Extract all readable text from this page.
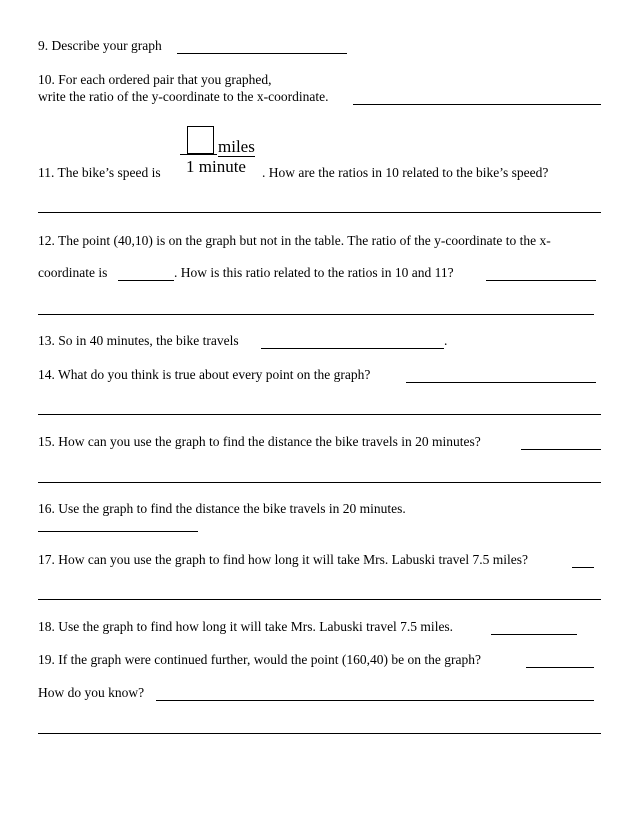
9. Describe your graph
10. For each ordered pair that you graphed,
write the ratio of the y-coordinate to the x-coordinate.
miles
1 minute
11. The bike’s speed is	. How are the ratios in 10 related to the bike’s speed?
12. The point (40,10) is on the graph but not in the table. The ratio of the y-coordinate to the x-
coordinate is	. How is this ratio related to the ratios in 10 and 11?
13. So in 40 minutes, the bike travels	.
14. What do you think is true about every point on the graph?
15. How can you use the graph to find the distance the bike travels in 20 minutes?
16. Use the graph to find the distance the bike travels in 20 minutes.
17. How can you use the graph to find how long it will take Mrs. Labuski travel 7.5 miles?
18. Use the graph to find how long it will take Mrs. Labuski travel 7.5 miles.
19. If the graph were continued further, would the point (160,40) be on the graph?
How do you know?
